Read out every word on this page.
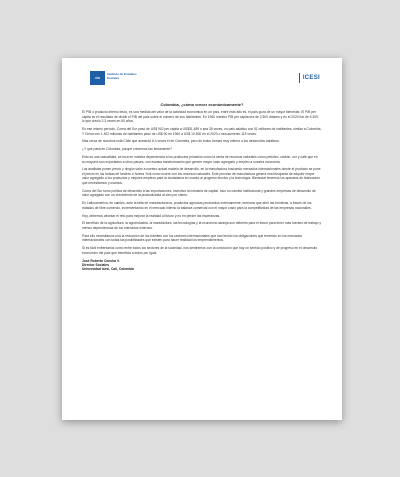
ÓN
Instituto de Estudios Sociales	ICESI
Colombia, ¿cómo crecer económicamente?

El PIB o producto interno bruto, es una medida del valor de la actividad económica en un país, entre más alto es, el país goza de un mayor bienestar. El PIB per cápita es el resultado de dividir el PIB del país sobre el número de sus habitantes. En 1960 nuestro PIB per cápita era de 2.500 dólares y en el 2020 fue de 5.300, lo que creció 2.3 veces en 60 años.

En ese mismo período, Corea del Sur pasó de US$ 902 per cápita a US$31.489 o sea 35 veces, un país asiático con 51 millones de habitantes, similar a Colombia. Y China con 1.402 millones de habitantes pasó de US$ 90 en 1960 a US$ 10.500 en el 2020 o sea aumentó 115 veces.

Más cerca de nosotros está Chile que aumentó 6.4 veces el de Colombia, pero de todos formas muy inferior a los desarrollos asiáticos.

¿Y qué pasa en Colombia, porqué crecemos tan lentamente?

Esto es una casualidad, se toca en nuestra dependencia a los productos primarios como la venta de recursos naturales como petróleo, carbón, oro y café que en su mayoría son exportados a otros países, con escasa transformación que genere mayor valor agregado y empleo a nuestra economía.

Los analistas ponen precio y ningún valor a nuestro actual modelo de desarrollo, en la manufactura buscando mercados internacionales donde el producto se pone el precio en los bolsas de londres o Nueva York como ocurre con los recursos naturales. Este proceso de manufactura genera una búsqueda de adquirir mayor valor agregado a los productos y mejores empleos para la ciudadanía en cuanto al progreso técnico y la tecnología. Bienestar tenemos los aparatos de fabricación que necesitamos y usamos.

Corea del Sur tomo política de desarrollo a las exportaciones, incentivo la industria de capital, tuvo un cambio institucional y grandes empresas de desarrollo de valor agregado con un crecimiento de la productividad al cien por ciento.

En Latinoamérica, en cambio, ante la falta de manufactureros, productos agrícolas producidos externamente, tenemos que abrir las fronteras, a través de los tratados de libre comercio, incrementando en el mercado interno la balanza comercial con el mayor costo para la competitividad de las empresas nacionales.

Hoy, debemos afrontar el reto para mejorar la realidad al futuro y no en perder las esperanzas.

El beneficio de la agricultura, la agroindustria, la manufactura, las tecnologías y la economía naranja son deberes para el futuro para tener más fuentes de trabajo y menos dependencias de los mercados externos.

Para ello necesitamos una la reducción de los trámites con los sectores internacionales que han tenido los obligaciones que tenemos en los mercados internacionales con todas las posibilidades que existen para hacer realidad los emprendimientos.

Si es fácil enfrentarlos como entre todos los sectores de la sociedad, nos sentiremos con la convicción que hay un sentido positivo y de progreso en el desarrollo económico del país que beneficia a todos por igual.

José Roberto Concha V.
Director Sociales
Universidad Icesi, Cali, Colombia
